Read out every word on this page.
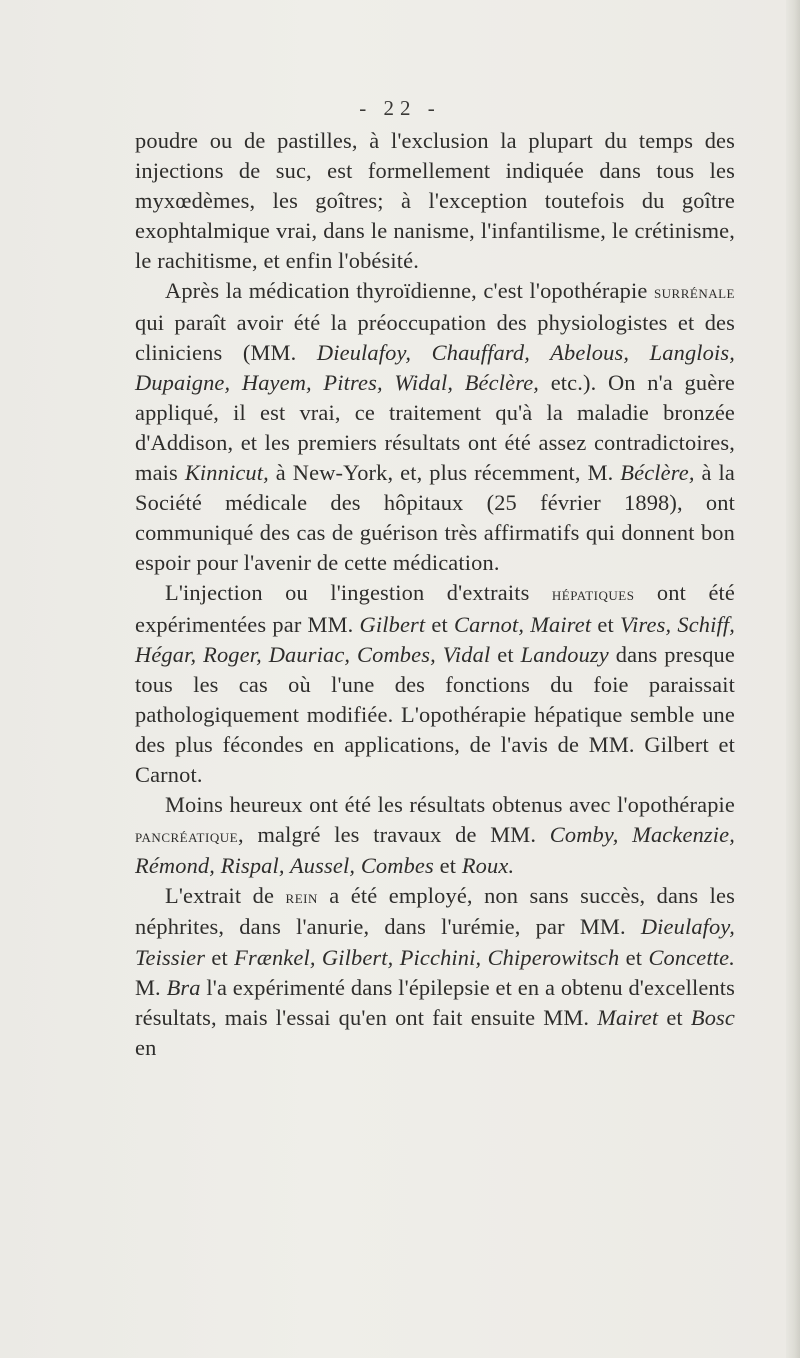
- 22 -

poudre ou de pastilles, à l'exclusion la plupart du temps des injections de suc, est formellement indiquée dans tous les myxœdèmes, les goîtres; à l'exception toutefois du goître exophtalmique vrai, dans le nanisme, l'infantilisme, le crétinisme, le rachitisme, et enfin l'obésité.

Après la médication thyroïdienne, c'est l'opothérapie surrénale qui paraît avoir été la préoccupation des physiologistes et des cliniciens (MM. Dieulafoy, Chauffard, Abelous, Langlois, Dupaigne, Hayem, Pitres, Widal, Béclère, etc.). On n'a guère appliqué, il est vrai, ce traitement qu'à la maladie bronzée d'Addison, et les premiers résultats ont été assez contradictoires, mais Kinnicut, à New-York, et, plus récemment, M. Béclère, à la Société médicale des hôpitaux (25 février 1898), ont communiqué des cas de guérison très affirmatifs qui donnent bon espoir pour l'avenir de cette médication.

L'injection ou l'ingestion d'extraits hépatiques ont été expérimentées par MM. Gilbert et Carnot, Mairet et Vires, Schiff, Hégar, Roger, Dauriac, Combes, Vidal et Landouzy dans presque tous les cas où l'une des fonctions du foie paraissait pathologiquement modifiée. L'opothérapie hépatique semble une des plus fécondes en applications, de l'avis de MM. Gilbert et Carnot.

Moins heureux ont été les résultats obtenus avec l'opothérapie pancréatique, malgré les travaux de MM. Comby, Mackenzie, Rémond, Rispal, Aussel, Combes et Roux.

L'extrait de rein a été employé, non sans succès, dans les néphrites, dans l'anurie, dans l'urémie, par MM. Dieulafoy, Teissier et Frænkel, Gilbert, Picchini, Chiperowitsch et Concette. M. Bra l'a expérimenté dans l'épilepsie et en a obtenu d'excellents résultats, mais l'essai qu'en ont fait ensuite MM. Mairet et Bosc en
